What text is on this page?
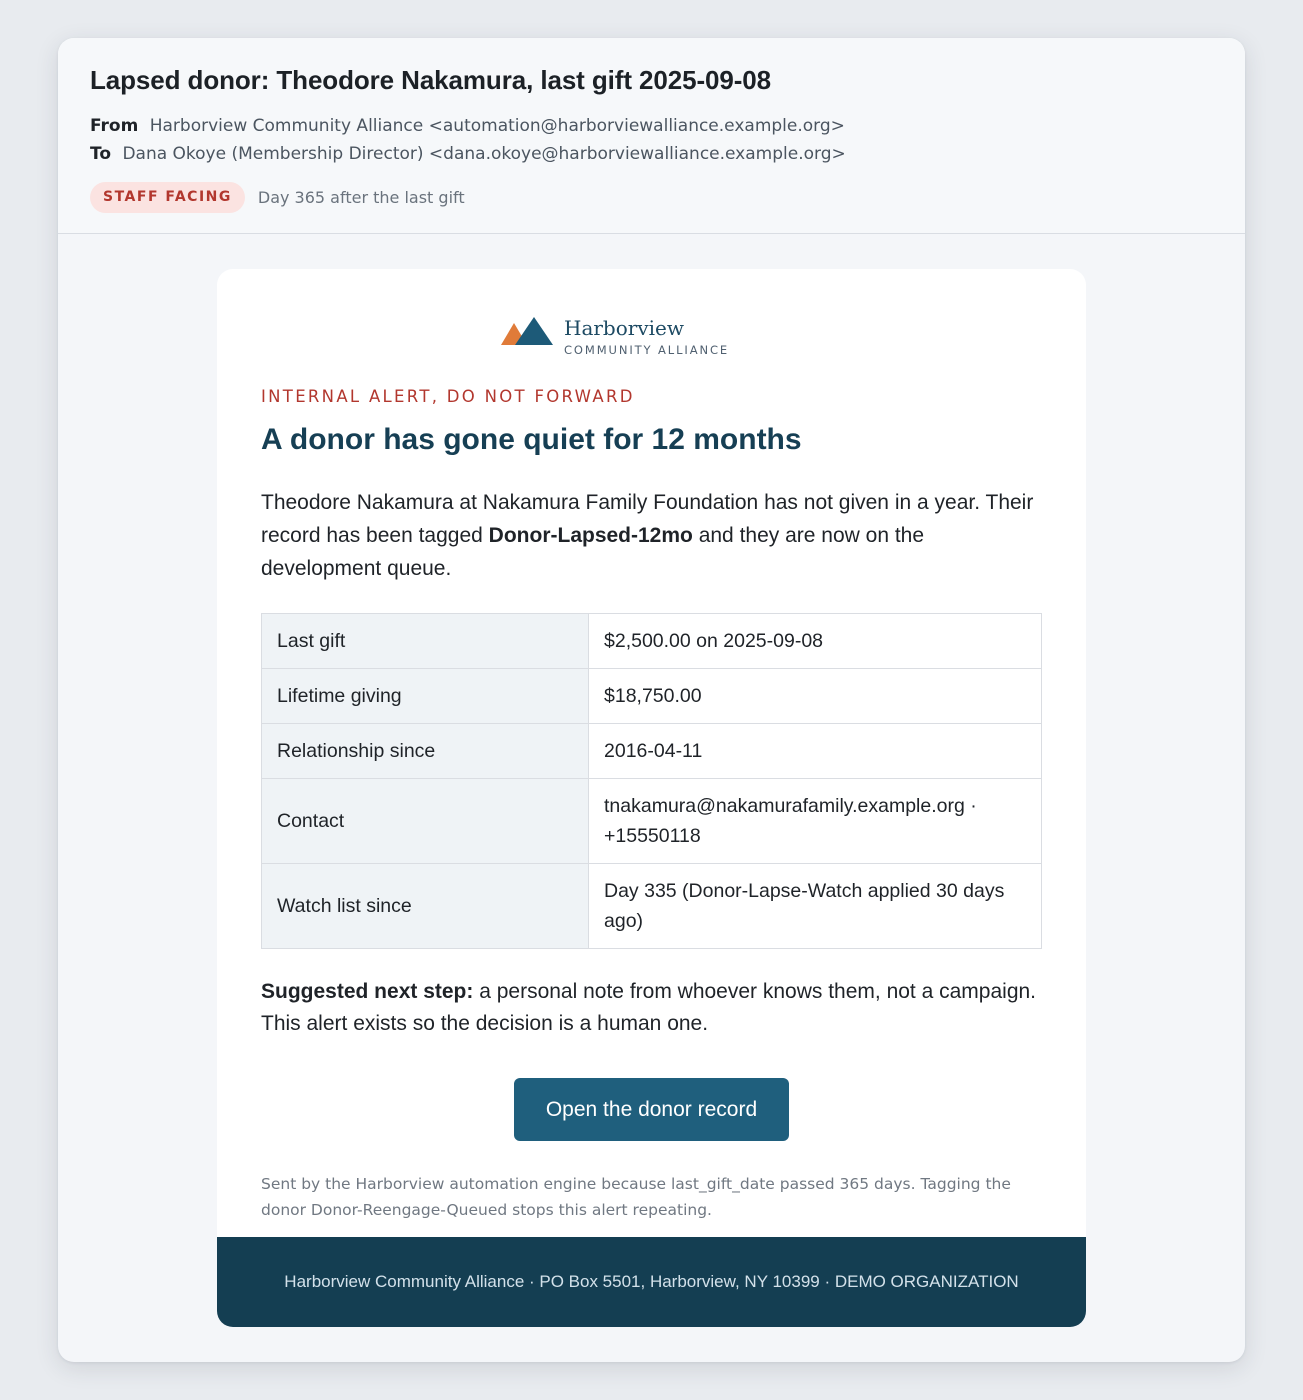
Lapsed donor: Theodore Nakamura, last gift 2025-09-08
From Harborview Community Alliance <automation@harborviewalliance.example.org>
To Dana Okoye (Membership Director) <dana.okoye@harborviewalliance.example.org>
STAFF FACING	Day 365 after the last gift
Harborview
COMMUNITY ALLIANCE
INTERNAL ALERT, DO NOT FORWARD
A donor has gone quiet for 12 months

Theodore Nakamura at Nakamura Family Foundation has not given in a year. Their record has been tagged Donor-Lapsed-12mo and they are now on the development queue.

Last gift	$2,500.00 on 2025-09-08
Lifetime giving	$18,750.00
Relationship since	2016-04-11
Contact	tnakamura@nakamurafamily.example.org · +15550118
Watch list since	Day 335 (Donor-Lapse-Watch applied 30 days ago)

Suggested next step: a personal note from whoever knows them, not a campaign. This alert exists so the decision is a human one.

Open the donor record

Sent by the Harborview automation engine because last_gift_date passed 365 days. Tagging the donor Donor-Reengage-Queued stops this alert repeating.

Harborview Community Alliance · PO Box 5501, Harborview, NY 10399 · DEMO ORGANIZATION
